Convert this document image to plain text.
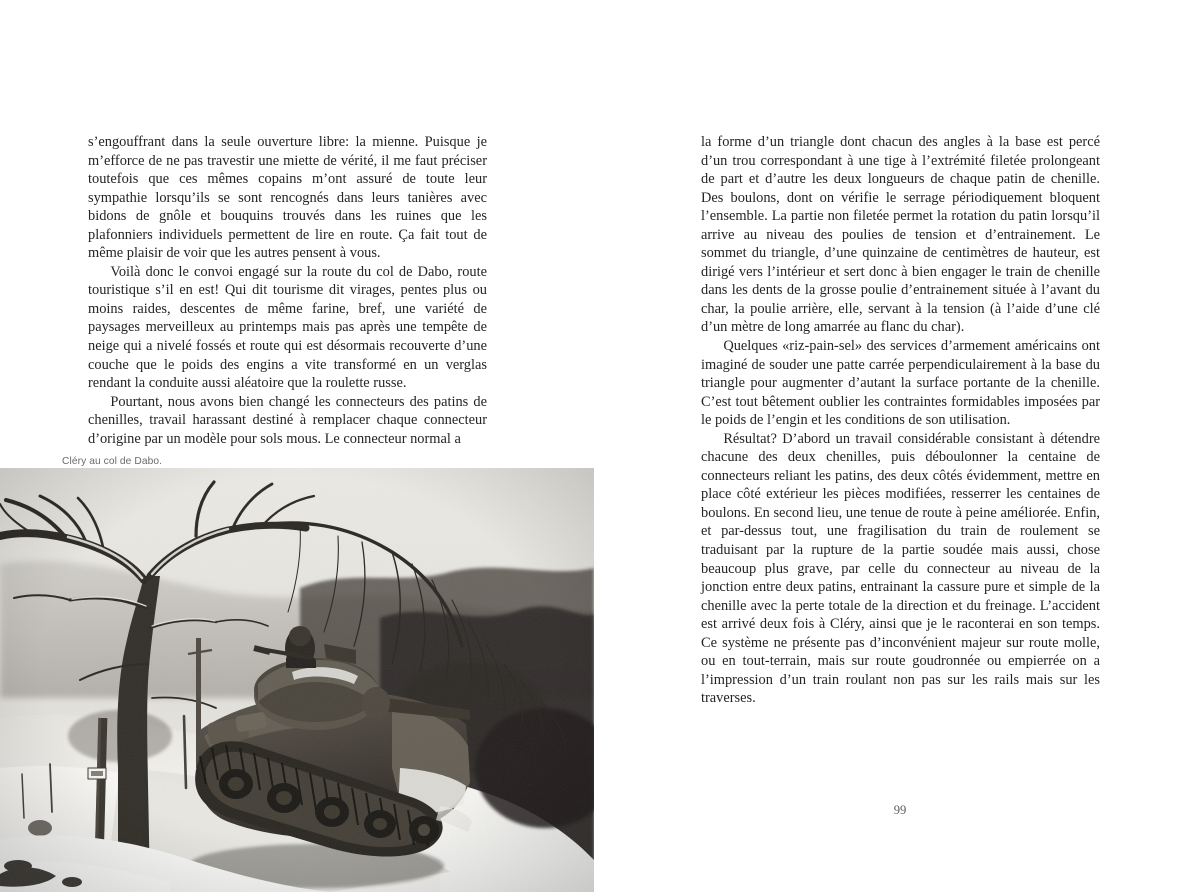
s’engouffrant dans la seule ouverture libre: la mienne. Puisque je m’efforce de ne pas travestir une miette de vérité, il me faut préciser toutefois que ces mêmes copains m’ont assuré de toute leur sympathie lorsqu’ils se sont rencognés dans leurs tanières avec bidons de gnôle et bouquins trouvés dans les ruines que les plafonniers individuels permettent de lire en route. Ça fait tout de même plaisir de voir que les autres pensent à vous.

Voilà donc le convoi engagé sur la route du col de Dabo, route touristique s’il en est! Qui dit tourisme dit virages, pentes plus ou moins raides, descentes de même farine, bref, une variété de paysages merveilleux au printemps mais pas après une tempête de neige qui a nivelé fossés et route qui est désormais recouverte d’une couche que le poids des engins a vite transformé en un verglas rendant la conduite aussi aléatoire que la roulette russe.

Pourtant, nous avons bien changé les connecteurs des patins de chenilles, travail harassant destiné à remplacer chaque connecteur d’origine par un modèle pour sols mous. Le connecteur normal a

la forme d’un triangle dont chacun des angles à la base est percé d’un trou correspondant à une tige à l’extrémité filetée prolongeant de part et d’autre les deux longueurs de chaque patin de chenille. Des boulons, dont on vérifie le serrage périodiquement bloquent l’ensemble. La partie non filetée permet la rotation du patin lorsqu’il arrive au niveau des poulies de tension et d’entrainement. Le sommet du triangle, d’une quinzaine de centimètres de hauteur, est dirigé vers l’intérieur et sert donc à bien engager le train de chenille dans les dents de la grosse poulie d’entrainement située à l’avant du char, la poulie arrière, elle, servant à la tension (à l’aide d’une clé d’un mètre de long amarrée au flanc du char).

Quelques «riz-pain-sel» des services d’armement américains ont imaginé de souder une patte carrée perpendiculairement à la base du triangle pour augmenter d’autant la surface portante de la chenille. C’est tout bêtement oublier les contraintes formidables imposées par le poids de l’engin et les conditions de son utilisation.

Résultat? D’abord un travail considérable consistant à détendre chacune des deux chenilles, puis déboulonner la centaine de connecteurs reliant les patins, des deux côtés évidemment, mettre en place côté extérieur les pièces modifiées, resserrer les centaines de boulons. En second lieu, une tenue de route à peine améliorée. Enfin, et par-dessus tout, une fragilisation du train de roulement se traduisant par la rupture de la partie soudée mais aussi, chose beaucoup plus grave, par celle du connecteur au niveau de la jonction entre deux patins, entrainant la cassure pure et simple de la chenille avec la perte totale de la direction et du freinage. L’accident est arrivé deux fois à Cléry, ainsi que je le raconterai en son temps. Ce système ne présente pas d’inconvénient majeur sur route molle, ou en tout-terrain, mais sur route goudronnée ou empierrée on a l’impression d’un train roulant non pas sur les rails mais sur les traverses.

Cléry au col de Dabo.
99
